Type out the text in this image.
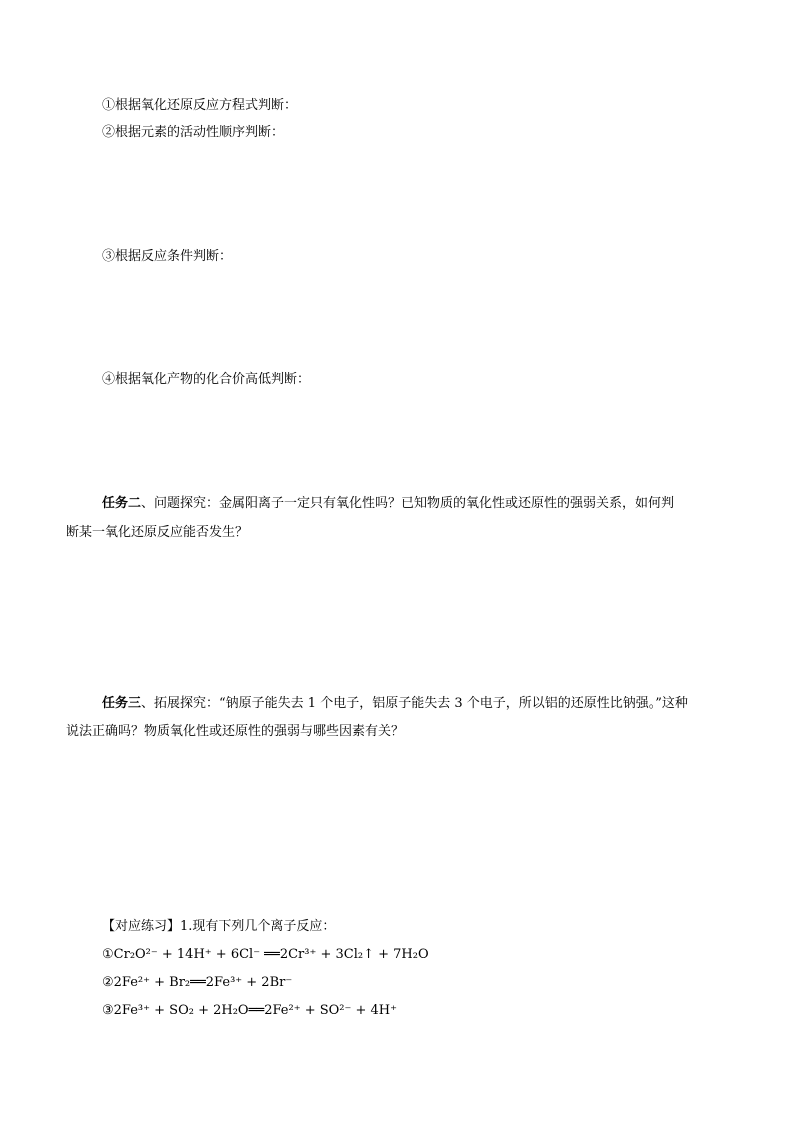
①根据氧化还原反应方程式判断：
②根据元素的活动性顺序判断：
③根据反应条件判断：
④根据氧化产物的化合价高低判断：
任务二、问题探究：金属阳离子一定只有氧化性吗？已知物质的氧化性或还原性的强弱关系，如何判
断某一氧化还原反应能否发生？
任务三、拓展探究：“钠原子能失去 1 个电子，铝原子能失去 3 个电子，所以铝的还原性比钠强。”这种
说法正确吗？物质氧化性或还原性的强弱与哪些因素有关？
【对应练习】1.现有下列几个离子反应：
①Cr₂O²⁻ + 14H⁺ + 6Cl⁻ ══2Cr³⁺ + 3Cl₂↑ + 7H₂O
②2Fe²⁺ + Br₂══2Fe³⁺ + 2Br⁻
③2Fe³⁺ + SO₂ + 2H₂O══2Fe²⁺ + SO²⁻ + 4H⁺
